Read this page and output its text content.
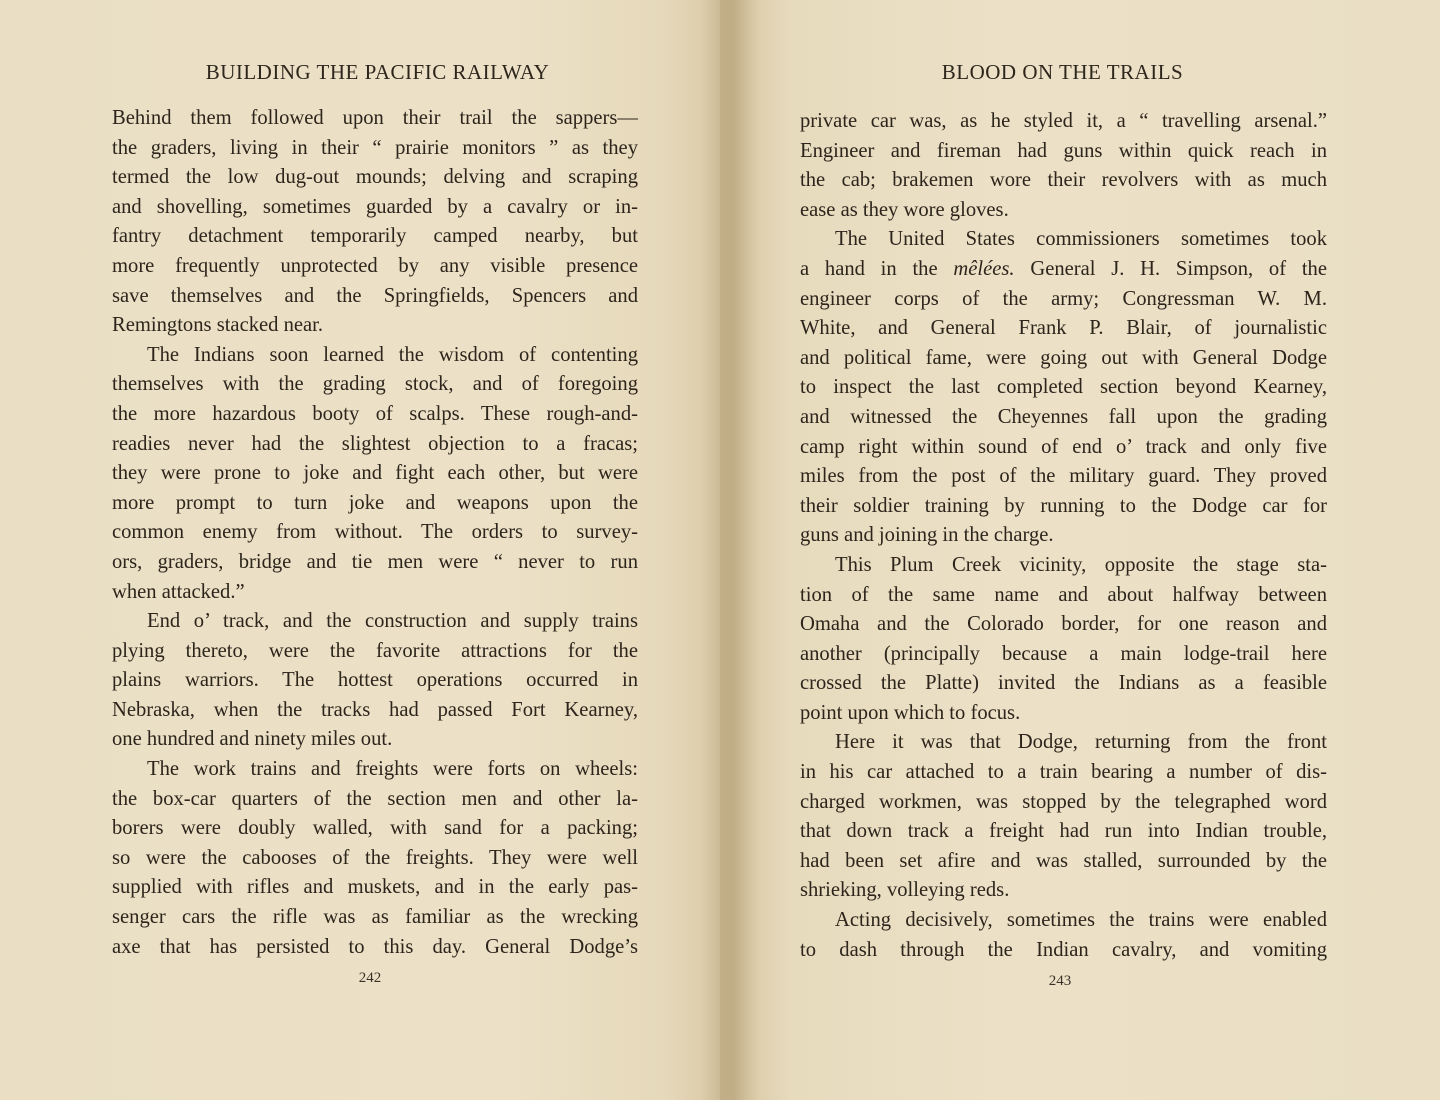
BUILDING THE PACIFIC RAILWAY
Behind them followed upon their trail the sappers—
the graders, living in their “ prairie monitors ” as they
termed the low dug-out mounds; delving and scraping
and shovelling, sometimes guarded by a cavalry or in-
fantry detachment temporarily camped nearby, but
more frequently unprotected by any visible presence
save themselves and the Springfields, Spencers and
Remingtons stacked near.
The Indians soon learned the wisdom of contenting
themselves with the grading stock, and of foregoing
the more hazardous booty of scalps. These rough-and-
readies never had the slightest objection to a fracas;
they were prone to joke and fight each other, but were
more prompt to turn joke and weapons upon the
common enemy from without. The orders to survey-
ors, graders, bridge and tie men were “ never to run
when attacked.”
End o’ track, and the construction and supply trains
plying thereto, were the favorite attractions for the
plains warriors. The hottest operations occurred in
Nebraska, when the tracks had passed Fort Kearney,
one hundred and ninety miles out.
The work trains and freights were forts on wheels:
the box-car quarters of the section men and other la-
borers were doubly walled, with sand for a packing;
so were the cabooses of the freights. They were well
supplied with rifles and muskets, and in the early pas-
senger cars the rifle was as familiar as the wrecking
axe that has persisted to this day. General Dodge’s
242
BLOOD ON THE TRAILS
private car was, as he styled it, a “ travelling arsenal.”
Engineer and fireman had guns within quick reach in
the cab; brakemen wore their revolvers with as much
ease as they wore gloves.
The United States commissioners sometimes took
a hand in the mêlées. General J. H. Simpson, of the
engineer corps of the army; Congressman W. M.
White, and General Frank P. Blair, of journalistic
and political fame, were going out with General Dodge
to inspect the last completed section beyond Kearney,
and witnessed the Cheyennes fall upon the grading
camp right within sound of end o’ track and only five
miles from the post of the military guard. They proved
their soldier training by running to the Dodge car for
guns and joining in the charge.
This Plum Creek vicinity, opposite the stage sta-
tion of the same name and about halfway between
Omaha and the Colorado border, for one reason and
another (principally because a main lodge-trail here
crossed the Platte) invited the Indians as a feasible
point upon which to focus.
Here it was that Dodge, returning from the front
in his car attached to a train bearing a number of dis-
charged workmen, was stopped by the telegraphed word
that down track a freight had run into Indian trouble,
had been set afire and was stalled, surrounded by the
shrieking, volleying reds.
Acting decisively, sometimes the trains were enabled
to dash through the Indian cavalry, and vomiting
243
